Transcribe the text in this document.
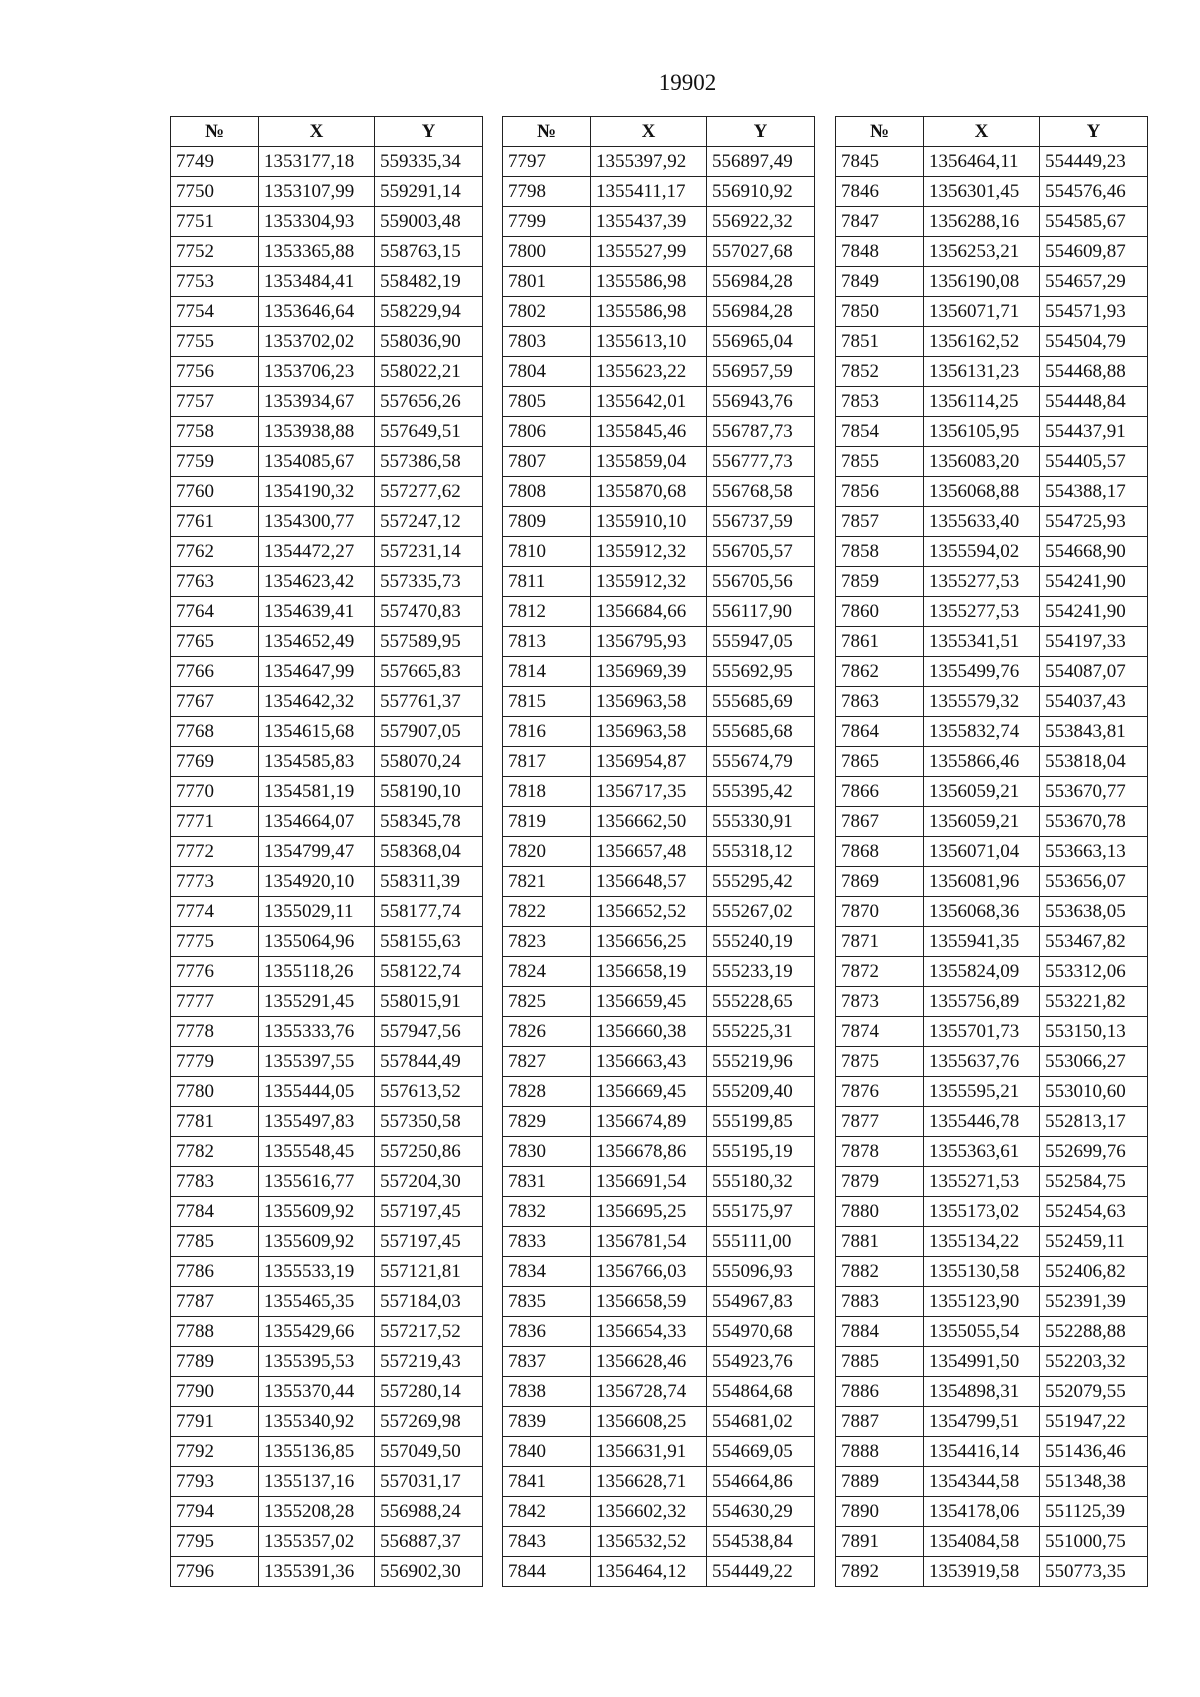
19902
№	X	Y
7749	1353177,18	559335,34
7750	1353107,99	559291,14
7751	1353304,93	559003,48
7752	1353365,88	558763,15
7753	1353484,41	558482,19
7754	1353646,64	558229,94
7755	1353702,02	558036,90
7756	1353706,23	558022,21
7757	1353934,67	557656,26
7758	1353938,88	557649,51
7759	1354085,67	557386,58
7760	1354190,32	557277,62
7761	1354300,77	557247,12
7762	1354472,27	557231,14
7763	1354623,42	557335,73
7764	1354639,41	557470,83
7765	1354652,49	557589,95
7766	1354647,99	557665,83
7767	1354642,32	557761,37
7768	1354615,68	557907,05
7769	1354585,83	558070,24
7770	1354581,19	558190,10
7771	1354664,07	558345,78
7772	1354799,47	558368,04
7773	1354920,10	558311,39
7774	1355029,11	558177,74
7775	1355064,96	558155,63
7776	1355118,26	558122,74
7777	1355291,45	558015,91
7778	1355333,76	557947,56
7779	1355397,55	557844,49
7780	1355444,05	557613,52
7781	1355497,83	557350,58
7782	1355548,45	557250,86
7783	1355616,77	557204,30
7784	1355609,92	557197,45
7785	1355609,92	557197,45
7786	1355533,19	557121,81
7787	1355465,35	557184,03
7788	1355429,66	557217,52
7789	1355395,53	557219,43
7790	1355370,44	557280,14
7791	1355340,92	557269,98
7792	1355136,85	557049,50
7793	1355137,16	557031,17
7794	1355208,28	556988,24
7795	1355357,02	556887,37
7796	1355391,36	556902,30
№	X	Y
7797	1355397,92	556897,49
7798	1355411,17	556910,92
7799	1355437,39	556922,32
7800	1355527,99	557027,68
7801	1355586,98	556984,28
7802	1355586,98	556984,28
7803	1355613,10	556965,04
7804	1355623,22	556957,59
7805	1355642,01	556943,76
7806	1355845,46	556787,73
7807	1355859,04	556777,73
7808	1355870,68	556768,58
7809	1355910,10	556737,59
7810	1355912,32	556705,57
7811	1355912,32	556705,56
7812	1356684,66	556117,90
7813	1356795,93	555947,05
7814	1356969,39	555692,95
7815	1356963,58	555685,69
7816	1356963,58	555685,68
7817	1356954,87	555674,79
7818	1356717,35	555395,42
7819	1356662,50	555330,91
7820	1356657,48	555318,12
7821	1356648,57	555295,42
7822	1356652,52	555267,02
7823	1356656,25	555240,19
7824	1356658,19	555233,19
7825	1356659,45	555228,65
7826	1356660,38	555225,31
7827	1356663,43	555219,96
7828	1356669,45	555209,40
7829	1356674,89	555199,85
7830	1356678,86	555195,19
7831	1356691,54	555180,32
7832	1356695,25	555175,97
7833	1356781,54	555111,00
7834	1356766,03	555096,93
7835	1356658,59	554967,83
7836	1356654,33	554970,68
7837	1356628,46	554923,76
7838	1356728,74	554864,68
7839	1356608,25	554681,02
7840	1356631,91	554669,05
7841	1356628,71	554664,86
7842	1356602,32	554630,29
7843	1356532,52	554538,84
7844	1356464,12	554449,22
№	X	Y
7845	1356464,11	554449,23
7846	1356301,45	554576,46
7847	1356288,16	554585,67
7848	1356253,21	554609,87
7849	1356190,08	554657,29
7850	1356071,71	554571,93
7851	1356162,52	554504,79
7852	1356131,23	554468,88
7853	1356114,25	554448,84
7854	1356105,95	554437,91
7855	1356083,20	554405,57
7856	1356068,88	554388,17
7857	1355633,40	554725,93
7858	1355594,02	554668,90
7859	1355277,53	554241,90
7860	1355277,53	554241,90
7861	1355341,51	554197,33
7862	1355499,76	554087,07
7863	1355579,32	554037,43
7864	1355832,74	553843,81
7865	1355866,46	553818,04
7866	1356059,21	553670,77
7867	1356059,21	553670,78
7868	1356071,04	553663,13
7869	1356081,96	553656,07
7870	1356068,36	553638,05
7871	1355941,35	553467,82
7872	1355824,09	553312,06
7873	1355756,89	553221,82
7874	1355701,73	553150,13
7875	1355637,76	553066,27
7876	1355595,21	553010,60
7877	1355446,78	552813,17
7878	1355363,61	552699,76
7879	1355271,53	552584,75
7880	1355173,02	552454,63
7881	1355134,22	552459,11
7882	1355130,58	552406,82
7883	1355123,90	552391,39
7884	1355055,54	552288,88
7885	1354991,50	552203,32
7886	1354898,31	552079,55
7887	1354799,51	551947,22
7888	1354416,14	551436,46
7889	1354344,58	551348,38
7890	1354178,06	551125,39
7891	1354084,58	551000,75
7892	1353919,58	550773,35
